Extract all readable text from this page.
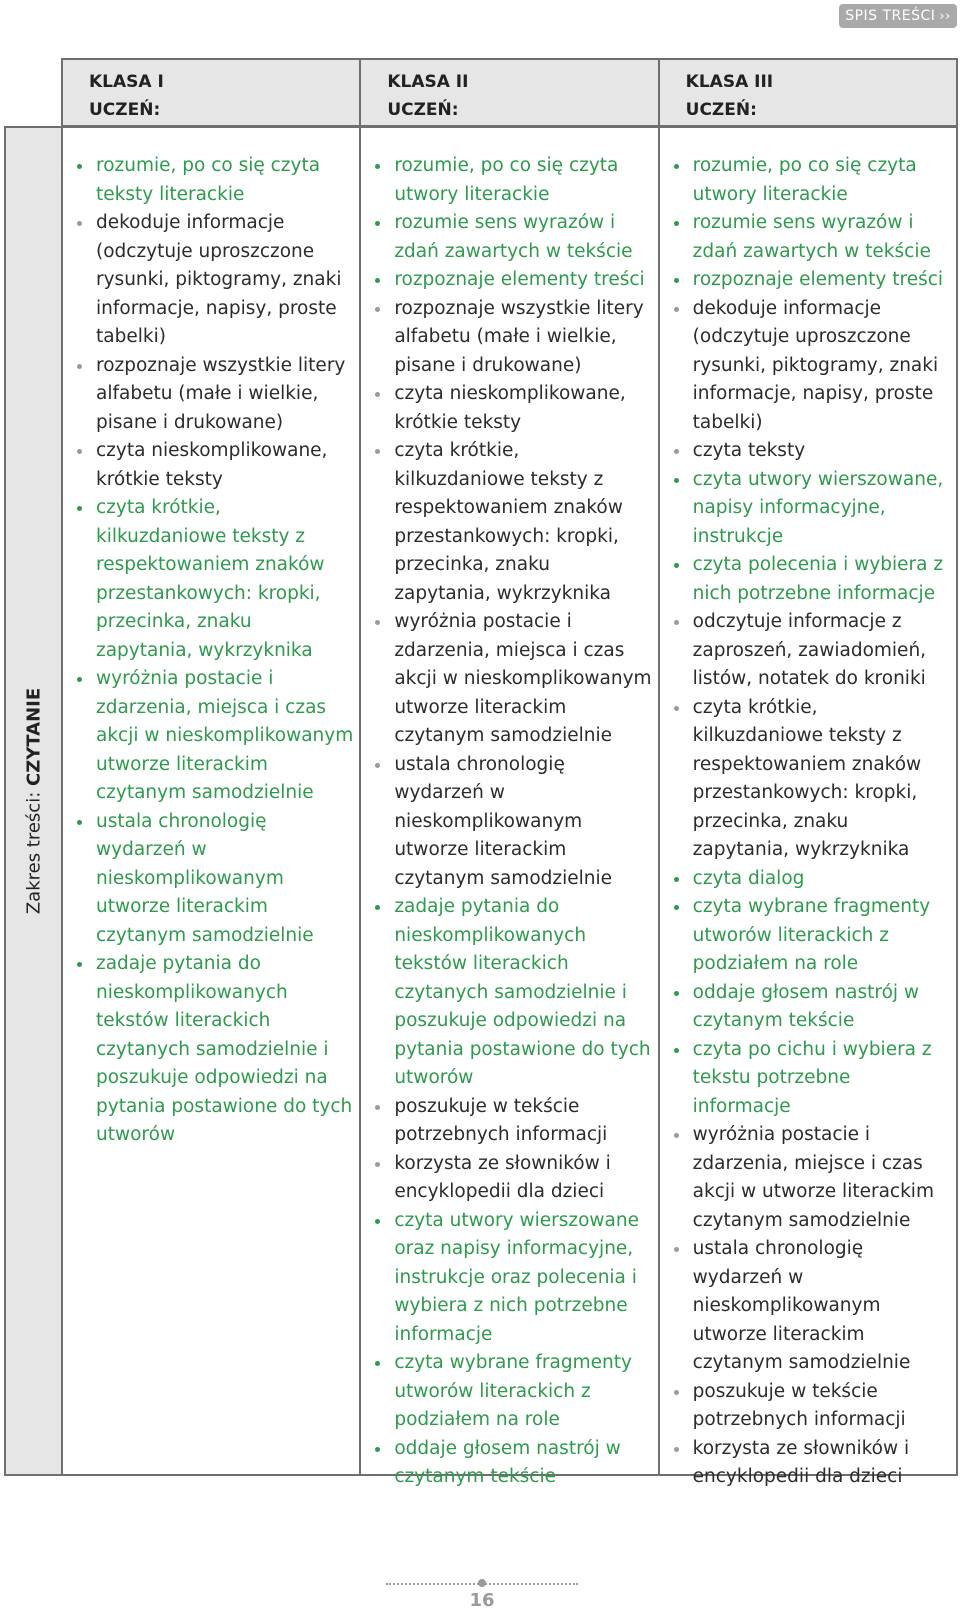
SPIS TREŚCI ››
KLASA I
UCZEŃ:
KLASA II
UCZEŃ:
KLASA III
UCZEŃ:
Zakres treści: CZYTANIE
rozumie, po co się czyta teksty literackie
dekoduje informacje (odczytuje uproszczone rysunki, piktogramy, znaki informacje, napisy, proste tabelki)
rozpoznaje wszystkie litery alfabetu (małe i wielkie, pisane i drukowane)
czyta nieskomplikowane, krótkie teksty
czyta krótkie, kilkuzdaniowe teksty z respektowaniem znaków przestankowych: kropki, przecinka, znaku zapytania, wykrzyknika
wyróżnia postacie i zdarzenia, miejsca i czas akcji w nieskomplikowanym utworze literackim czytanym samodzielnie
ustala chronologię wydarzeń w nieskomplikowanym utworze literackim czytanym samodzielnie
zadaje pytania do nieskomplikowanych tekstów literackich czytanych samodzielnie i poszukuje odpowiedzi na pytania postawione do tych utworów
rozumie, po co się czyta utwory literackie
rozumie sens wyrazów i zdań zawartych w tekście
rozpoznaje elementy treści
rozpoznaje wszystkie litery alfabetu (małe i wielkie, pisane i drukowane)
czyta nieskomplikowane, krótkie teksty
czyta krótkie, kilkuzdaniowe teksty z respektowaniem znaków przestankowych: kropki, przecinka, znaku zapytania, wykrzyknika
wyróżnia postacie i zdarzenia, miejsca i czas akcji w nieskomplikowanym utworze literackim czytanym samodzielnie
ustala chronologię wydarzeń w nieskomplikowanym utworze literackim czytanym samodzielnie
zadaje pytania do nieskomplikowanych tekstów literackich czytanych samodzielnie i poszukuje odpowiedzi na pytania postawione do tych utworów
poszukuje w tekście potrzebnych informacji
korzysta ze słowników i encyklopedii dla dzieci
czyta utwory wierszowane oraz napisy informacyjne, instrukcje oraz polecenia i wybiera z nich potrzebne informacje
czyta wybrane fragmenty utworów literackich z podziałem na role
oddaje głosem nastrój w czytanym tekście
rozumie, po co się czyta utwory literackie
rozumie sens wyrazów i zdań zawartych w tekście
rozpoznaje elementy treści
dekoduje informacje (odczytuje uproszczone rysunki, piktogramy, znaki informacje, napisy, proste tabelki)
czyta teksty
czyta utwory wierszowane, napisy informacyjne, instrukcje
czyta polecenia i wybiera z nich potrzebne informacje
odczytuje informacje z zaproszeń, zawiadomień, listów, notatek do kroniki
czyta krótkie, kilkuzdaniowe teksty z respektowaniem znaków przestankowych: kropki, przecinka, znaku zapytania, wykrzyknika
czyta dialog
czyta wybrane fragmenty utworów literackich z podziałem na role
oddaje głosem nastrój w czytanym tekście
czyta po cichu i wybiera z tekstu potrzebne informacje
wyróżnia postacie i zdarzenia, miejsce i czas akcji w utworze literackim czytanym samodzielnie
ustala chronologię wydarzeń w nieskomplikowanym utworze literackim czytanym samodzielnie
poszukuje w tekście potrzebnych informacji
korzysta ze słowników i encyklopedii dla dzieci
16
